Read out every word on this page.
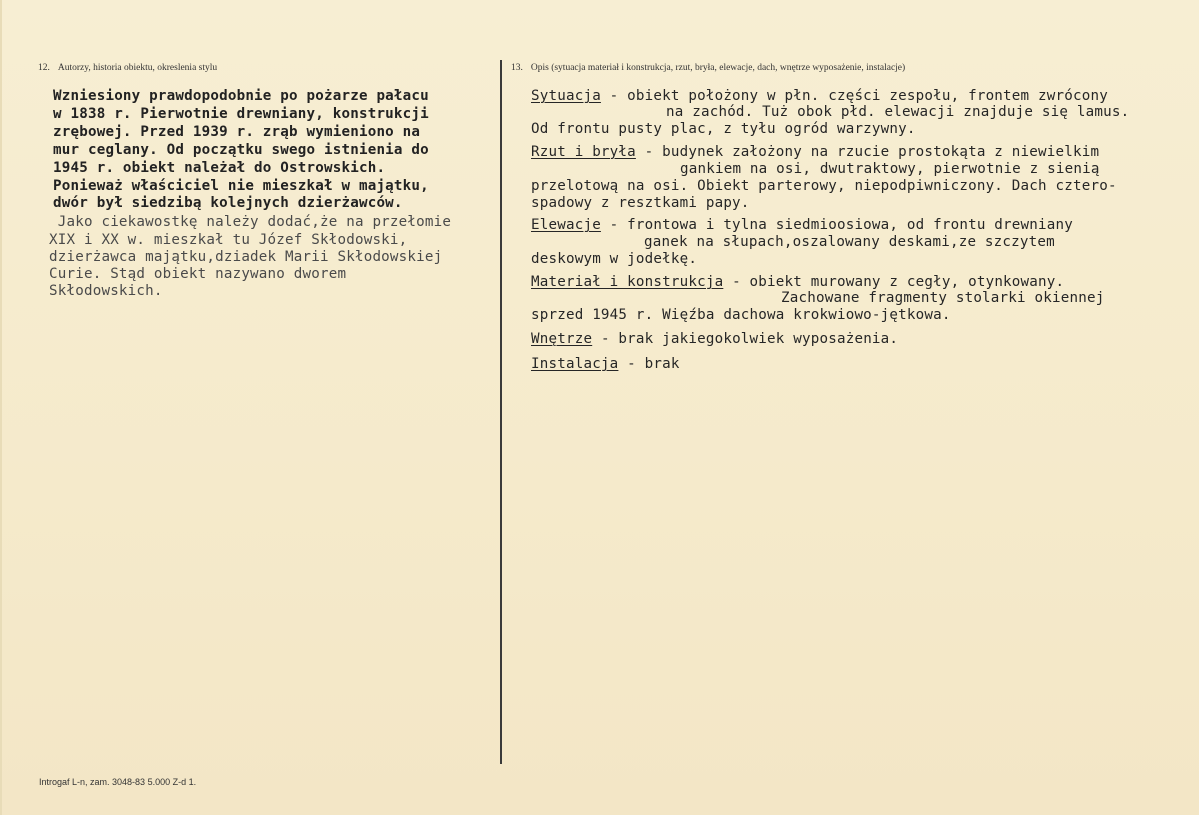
12. Autorzy, historia obiektu, okreslenia stylu	13. Opis (sytuacja materiał i konstrukcja, rzut, bryła, elewacje, dach, wnętrze wyposażenie, instalacje)
Wzniesiony prawdopodobnie po pożarze pałacu
w 1838 r. Pierwotnie drewniany, konstrukcji
zrębowej. Przed 1939 r. zrąb wymieniono na
mur ceglany. Od początku swego istnienia do
1945 r. obiekt należał do Ostrowskich.
Ponieważ właściciel nie mieszkał w majątku,
dwór był siedzibą kolejnych dzierżawców.
Jako ciekawostkę należy dodać,że na przełomie
XIX i XX w. mieszkał tu Józef Skłodowski,
dzierżawca majątku,dziadek Marii Skłodowskiej
Curie. Stąd obiekt nazywano dworem
Skłodowskich.
Sytuacja - obiekt położony w płn. części zespołu, frontem zwrócony
na zachód. Tuż obok płd. elewacji znajduje się lamus.
Od frontu pusty plac, z tyłu ogród warzywny.
Rzut i bryła - budynek założony na rzucie prostokąta z niewielkim
gankiem na osi, dwutraktowy, pierwotnie z sienią
przelotową na osi. Obiekt parterowy, niepodpiwniczony. Dach cztero-
spadowy z resztkami papy.
Elewacje - frontowa i tylna siedmioosiowa, od frontu drewniany
ganek na słupach,oszalowany deskami,ze szczytem
deskowym w jodełkę.
Materiał i konstrukcja - obiekt murowany z cegły, otynkowany.
Zachowane fragmenty stolarki okiennej
sprzed 1945 r. Więźba dachowa krokwiowo-jętkowa.
Wnętrze - brak jakiegokolwiek wyposażenia.
Instalacja - brak
Introgaf L-n, zam. 3048-83 5.000 Z-d 1.
